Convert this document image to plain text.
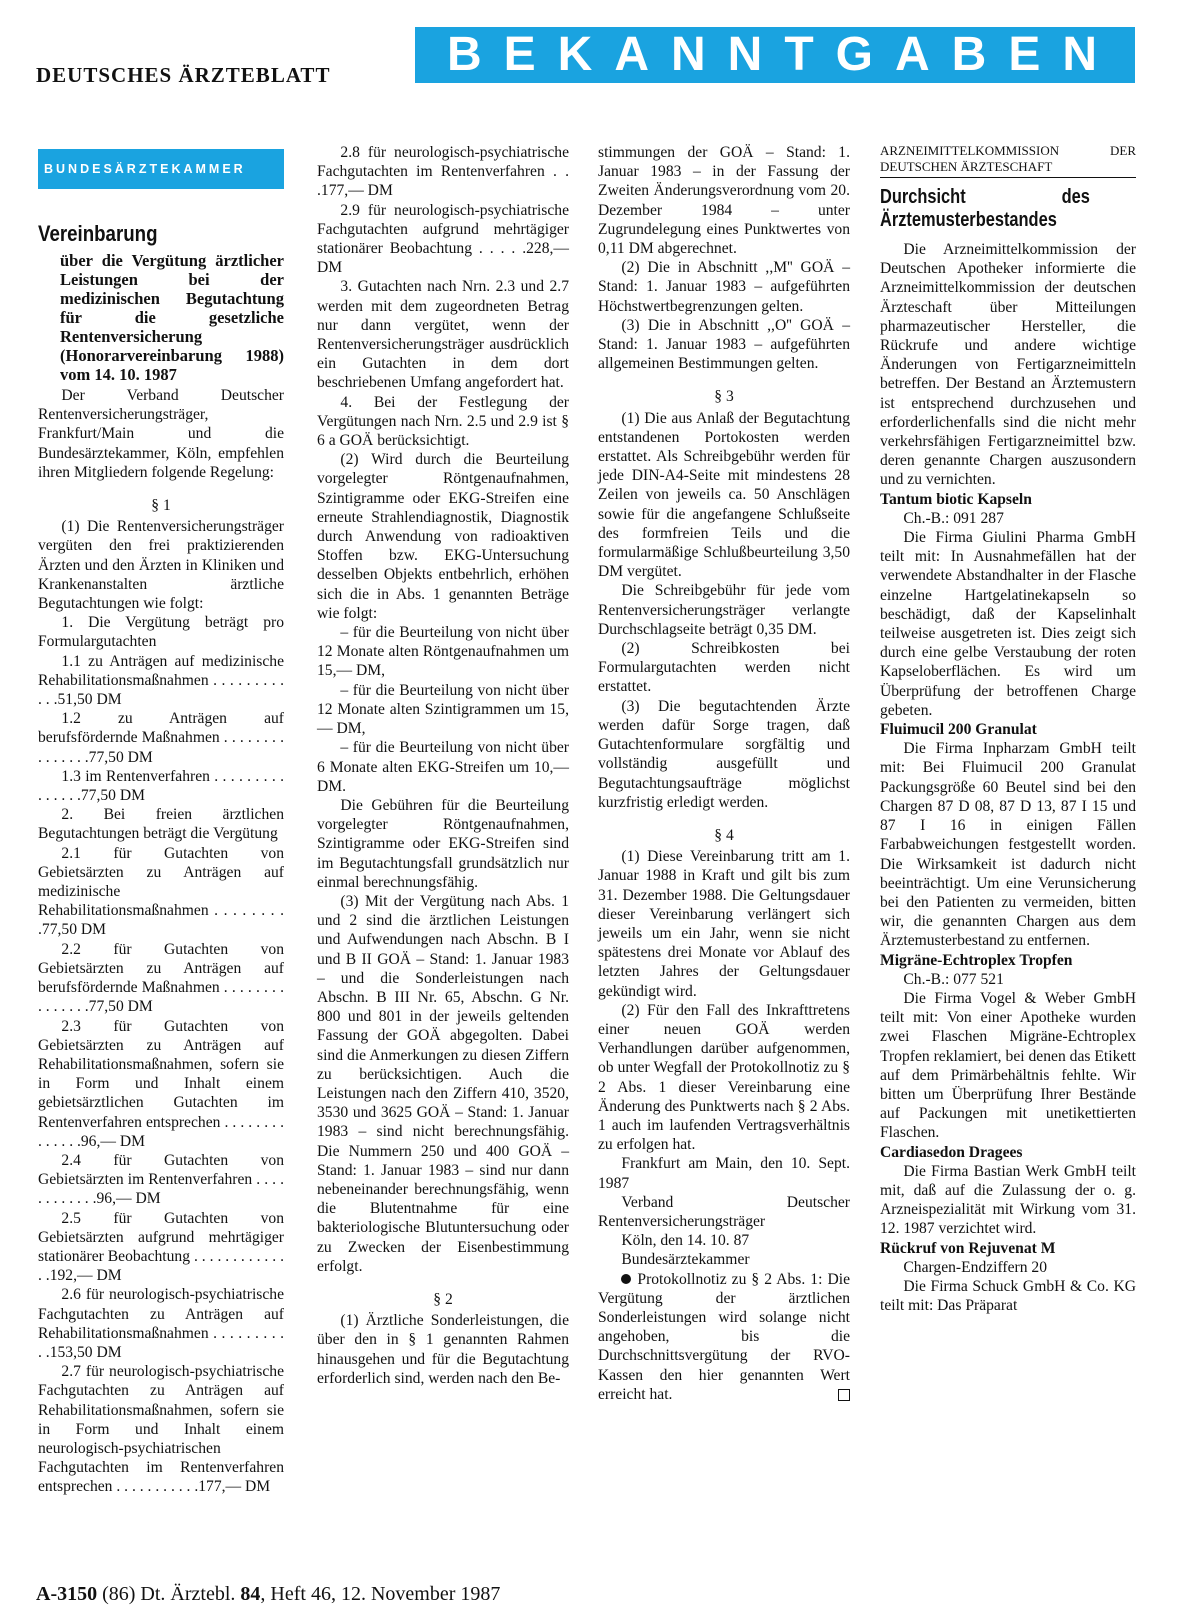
DEUTSCHES ÄRZTEBLATT	BEKANNTGABEN
BUNDESÄRZTEKAMMER
Vereinbarung
über die Vergütung ärztlicher Leistungen bei der medizinischen Begutachtung für die gesetzliche Rentenversicherung (Honorarvereinbarung 1988) vom 14. 10. 1987

Der Verband Deutscher Rentenversicherungsträger, Frankfurt/Main und die Bundesärztekammer, Köln, empfehlen ihren Mitgliedern folgende Regelung:

§ 1

(1) Die Rentenversicherungsträger vergüten den frei praktizierenden Ärzten und den Ärzten in Kliniken und Krankenanstalten ärztliche Begutachtungen wie folgt:

1. Die Vergütung beträgt pro Formulargutachten

1.1 zu Anträgen auf medizinische Rehabilitationsmaßnahmen . . . . . . . . . . . .51,50 DM

1.2 zu Anträgen auf berufsfördernde Maßnahmen . . . . . . . . . . . . . . .77,50 DM

1.3 im Rentenverfahren . . . . . . . . . . . . . . .77,50 DM

2. Bei freien ärztlichen Begutachtungen beträgt die Vergütung

2.1 für Gutachten von Gebietsärzten zu Anträgen auf medizinische Rehabilitationsmaßnahmen . . . . . . . . .77,50 DM

2.2 für Gutachten von Gebietsärzten zu Anträgen auf berufsfördernde Maßnahmen . . . . . . . . . . . . . . .77,50 DM

2.3 für Gutachten von Gebietsärzten zu Anträgen auf Rehabilitationsmaßnahmen, sofern sie in Form und Inhalt einem gebietsärztlichen Gutachten im Rentenverfahren entsprechen . . . . . . . . . . . . . .96,— DM

2.4 für Gutachten von Gebietsärzten im Rentenverfahren . . . . . . . . . . . .96,— DM

2.5 für Gutachten von Gebietsärzten aufgrund mehrtägiger stationärer Beobachtung . . . . . . . . . . . . . .192,— DM

2.6 für neurologisch-psychiatrische Fachgutachten zu Anträgen auf Rehabilitationsmaßnahmen . . . . . . . . . . .153,50 DM

2.7 für neurologisch-psychiatrische Fachgutachten zu Anträgen auf Rehabilitationsmaßnahmen, sofern sie in Form und Inhalt einem neurologisch-psychiatrischen Fachgutachten im Rentenverfahren entsprechen . . . . . . . . . . .177,— DM

2.8 für neurologisch-psychiatrische Fachgutachten im Rentenverfahren . . .177,— DM

2.9 für neurologisch-psychiatrische Fachgutachten aufgrund mehrtägiger stationärer Beobachtung . . . . .228,— DM

3. Gutachten nach Nrn. 2.3 und 2.7 werden mit dem zugeordneten Betrag nur dann vergütet, wenn der Rentenversicherungsträger ausdrücklich ein Gutachten in dem dort beschriebenen Umfang angefordert hat.

4. Bei der Festlegung der Vergütungen nach Nrn. 2.5 und 2.9 ist § 6 a GOÄ berücksichtigt.

(2) Wird durch die Beurteilung vorgelegter Röntgenaufnahmen, Szintigramme oder EKG-Streifen eine erneute Strahlendiagnostik, Diagnostik durch Anwendung von radioaktiven Stoffen bzw. EKG-Untersuchung desselben Objekts entbehrlich, erhöhen sich die in Abs. 1 genannten Beträge wie folgt:

– für die Beurteilung von nicht über 12 Monate alten Röntgenaufnahmen um 15,— DM,

– für die Beurteilung von nicht über 12 Monate alten Szintigrammen um 15,— DM,

– für die Beurteilung von nicht über 6 Monate alten EKG-Streifen um 10,— DM.

Die Gebühren für die Beurteilung vorgelegter Röntgenaufnahmen, Szintigramme oder EKG-Streifen sind im Begutachtungsfall grundsätzlich nur einmal berechnungsfähig.

(3) Mit der Vergütung nach Abs. 1 und 2 sind die ärztlichen Leistungen und Aufwendungen nach Abschn. B I und B II GOÄ – Stand: 1. Januar 1983 – und die Sonderleistungen nach Abschn. B III Nr. 65, Abschn. G Nr. 800 und 801 in der jeweils geltenden Fassung der GOÄ abgegolten. Dabei sind die Anmerkungen zu diesen Ziffern zu berücksichtigen. Auch die Leistungen nach den Ziffern 410, 3520, 3530 und 3625 GOÄ – Stand: 1. Januar 1983 – sind nicht berechnungsfähig. Die Nummern 250 und 400 GOÄ – Stand: 1. Januar 1983 – sind nur dann nebeneinander berechnungsfähig, wenn die Blutentnahme für eine bakteriologische Blutuntersuchung oder zu Zwecken der Eisenbestimmung erfolgt.

§ 2

(1) Ärztliche Sonderleistungen, die über den in § 1 genannten Rahmen hinausgehen und für die Begutachtung erforderlich sind, werden nach den Be-

stimmungen der GOÄ – Stand: 1. Januar 1983 – in der Fassung der Zweiten Änderungsverordnung vom 20. Dezember 1984 – unter Zugrundelegung eines Punktwertes von 0,11 DM abgerechnet.

(2) Die in Abschnitt ,,M'' GOÄ – Stand: 1. Januar 1983 – aufgeführten Höchstwertbegrenzungen gelten.

(3) Die in Abschnitt ,,O'' GOÄ – Stand: 1. Januar 1983 – aufgeführten allgemeinen Bestimmungen gelten.

§ 3

(1) Die aus Anlaß der Begutachtung entstandenen Portokosten werden erstattet. Als Schreibgebühr werden für jede DIN-A4-Seite mit mindestens 28 Zeilen von jeweils ca. 50 Anschlägen sowie für die angefangene Schlußseite des formfreien Teils und die formularmäßige Schlußbeurteilung 3,50 DM vergütet.

Die Schreibgebühr für jede vom Rentenversicherungsträger verlangte Durchschlagseite beträgt 0,35 DM.

(2) Schreibkosten bei Formulargutachten werden nicht erstattet.

(3) Die begutachtenden Ärzte werden dafür Sorge tragen, daß Gutachtenformulare sorgfältig und vollständig ausgefüllt und Begutachtungsaufträge möglichst kurzfristig erledigt werden.

§ 4

(1) Diese Vereinbarung tritt am 1. Januar 1988 in Kraft und gilt bis zum 31. Dezember 1988. Die Geltungsdauer dieser Vereinbarung verlängert sich jeweils um ein Jahr, wenn sie nicht spätestens drei Monate vor Ablauf des letzten Jahres der Geltungsdauer gekündigt wird.

(2) Für den Fall des Inkrafttretens einer neuen GOÄ werden Verhandlungen darüber aufgenommen, ob unter Wegfall der Protokollnotiz zu § 2 Abs. 1 dieser Vereinbarung eine Änderung des Punktwerts nach § 2 Abs. 1 auch im laufenden Vertragsverhältnis zu erfolgen hat.

Frankfurt am Main, den 10. Sept. 1987

Verband Deutscher Rentenversicherungsträger

Köln, den 14. 10. 87

Bundesärztekammer

Protokollnotiz zu § 2 Abs. 1: Die Vergütung der ärztlichen Sonderleistungen wird solange nicht angehoben, bis die Durchschnittsvergütung der RVO-Kassen den hier genannten Wert erreicht hat.

ARZNEIMITTELKOMMISSION DER DEUTSCHEN ÄRZTESCHAFT
Durchsicht des Ärztemusterbestandes

Die Arzneimittelkommission der Deutschen Apotheker informierte die Arzneimittelkommission der deutschen Ärzteschaft über Mitteilungen pharmazeutischer Hersteller, die Rückrufe und andere wichtige Änderungen von Fertigarzneimitteln betreffen. Der Bestand an Ärztemustern ist entsprechend durchzusehen und erforderlichenfalls sind die nicht mehr verkehrsfähigen Fertigarzneimittel bzw. deren genannte Chargen auszusondern und zu vernichten.

Tantum biotic Kapseln

Ch.-B.: 091 287

Die Firma Giulini Pharma GmbH teilt mit: In Ausnahmefällen hat der verwendete Abstandhalter in der Flasche einzelne Hartgelatinekapseln so beschädigt, daß der Kapselinhalt teilweise ausgetreten ist. Dies zeigt sich durch eine gelbe Verstaubung der roten Kapseloberflächen. Es wird um Überprüfung der betroffenen Charge gebeten.

Fluimucil 200 Granulat

Die Firma Inpharzam GmbH teilt mit: Bei Fluimucil 200 Granulat Packungsgröße 60 Beutel sind bei den Chargen 87 D 08, 87 D 13, 87 I 15 und 87 I 16 in einigen Fällen Farbabweichungen festgestellt worden. Die Wirksamkeit ist dadurch nicht beeinträchtigt. Um eine Verunsicherung bei den Patienten zu vermeiden, bitten wir, die genannten Chargen aus dem Ärztemusterbestand zu entfernen.

Migräne-Echtroplex Tropfen

Ch.-B.: 077 521

Die Firma Vogel & Weber GmbH teilt mit: Von einer Apotheke wurden zwei Flaschen Migräne-Echtroplex Tropfen reklamiert, bei denen das Etikett auf dem Primärbehältnis fehlte. Wir bitten um Überprüfung Ihrer Bestände auf Packungen mit unetikettierten Flaschen.

Cardiasedon Dragees

Die Firma Bastian Werk GmbH teilt mit, daß auf die Zulassung der o. g. Arzneispezialität mit Wirkung vom 31. 12. 1987 verzichtet wird.

Rückruf von Rejuvenat M

Chargen-Endziffern 20

Die Firma Schuck GmbH & Co. KG teilt mit: Das Präparat

A-3150 (86) Dt. Ärztebl. 84, Heft 46, 12. November 1987
